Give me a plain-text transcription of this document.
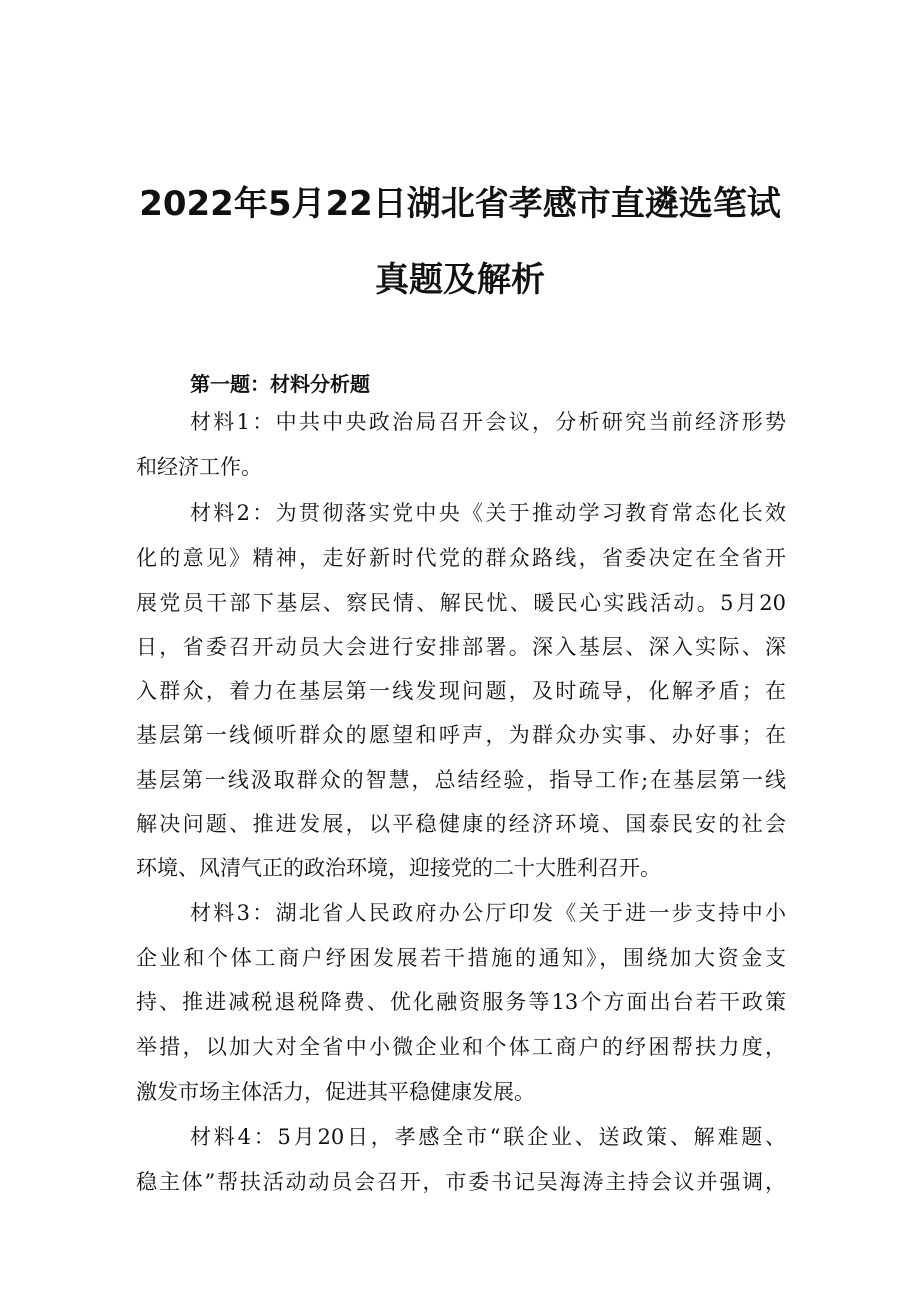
2022年5月22日湖北省孝感市直遴选笔试
真题及解析
第一题：材料分析题
材料1：中共中央政治局召开会议，分析研究当前经济形势
和经济工作。
材料2：为贯彻落实党中央《关于推动学习教育常态化长效
化的意见》精神，走好新时代党的群众路线，省委决定在全省开
展党员干部下基层、察民情、解民忧、暖民心实践活动。5月20
日，省委召开动员大会进行安排部署。深入基层、深入实际、深
入群众，着力在基层第一线发现问题，及时疏导，化解矛盾；在
基层第一线倾听群众的愿望和呼声，为群众办实事、办好事；在
基层第一线汲取群众的智慧，总结经验，指导工作;在基层第一线
解决问题、推进发展，以平稳健康的经济环境、国泰民安的社会
环境、风清气正的政治环境，迎接党的二十大胜利召开。
材料3：湖北省人民政府办公厅印发《关于进一步支持中小
企业和个体工商户纾困发展若干措施的通知》，围绕加大资金支
持、推进减税退税降费、优化融资服务等13个方面出台若干政策
举措，以加大对全省中小微企业和个体工商户的纾困帮扶力度，
激发市场主体活力，促进其平稳健康发展。
材料4：5月20日，孝感全市“联企业、送政策、解难题、
稳主体”帮扶活动动员会召开，市委书记吴海涛主持会议并强调，
